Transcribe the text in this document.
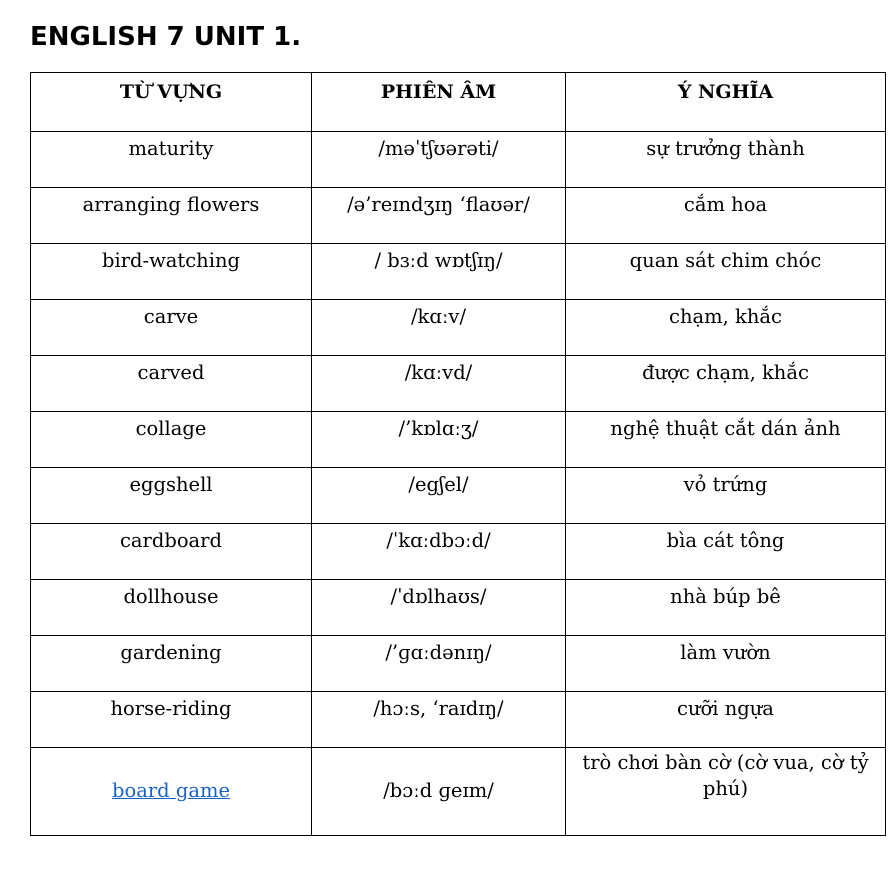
ENGLISH 7 UNIT 1.
TỪ VỰNG	PHIÊN ÂM	Ý NGHĨA
maturity	/məˈtʃʊərəti/	sự trưởng thành
arranging flowers	/ə’reɪndʒɪŋ ‘flaʊər/	cắm hoa
bird-watching	/ bɜːd wɒtʃɪŋ/	quan sát chim chóc
carve	/kɑːv/	chạm, khắc
carved	/kɑːvd/	được chạm, khắc
collage	/’kɒlɑːʒ/	nghệ thuật cắt dán ảnh
eggshell	/egʃel/	vỏ trứng
cardboard	/ˈkɑːdbɔːd/	bìa cát tông
dollhouse	/ˈdɒlhaʊs/	nhà búp bê
gardening	/’ɡɑːdənɪŋ/	làm vườn
horse-riding	/hɔːs, ‘raɪdɪŋ/	cưỡi ngựa
board game	/bɔːd ɡeɪm/	trò chơi bàn cờ (cờ vua, cờ tỷ phú)
